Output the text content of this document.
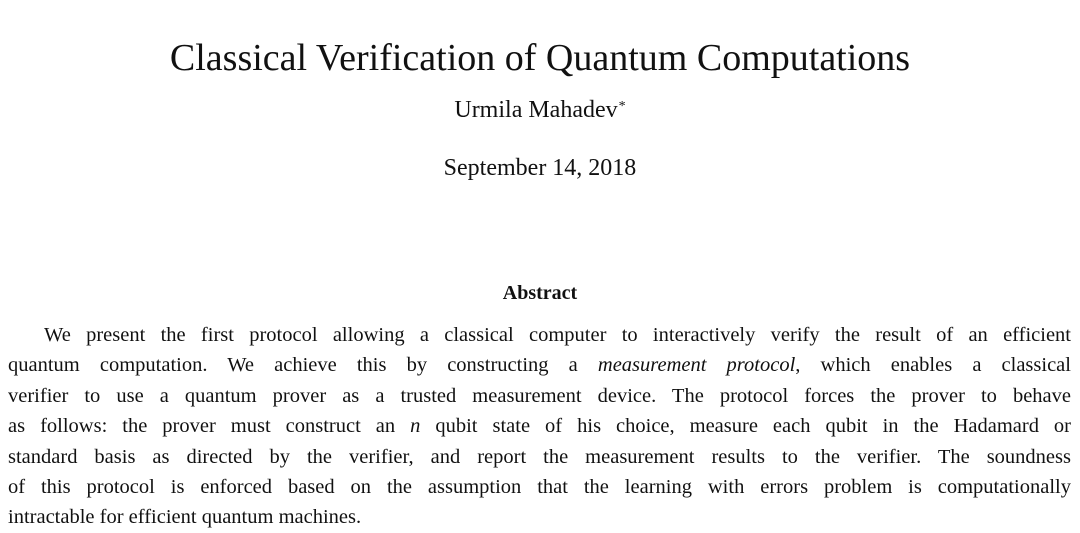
Classical Verification of Quantum Computations
Urmila Mahadev*
September 14, 2018
Abstract
We present the first protocol allowing a classical computer to interactively verify the result of an efficient
quantum computation. We achieve this by constructing a measurement protocol, which enables a classical
verifier to use a quantum prover as a trusted measurement device. The protocol forces the prover to behave
as follows: the prover must construct an n qubit state of his choice, measure each qubit in the Hadamard or
standard basis as directed by the verifier, and report the measurement results to the verifier. The soundness
of this protocol is enforced based on the assumption that the learning with errors problem is computationally
intractable for efficient quantum machines.
